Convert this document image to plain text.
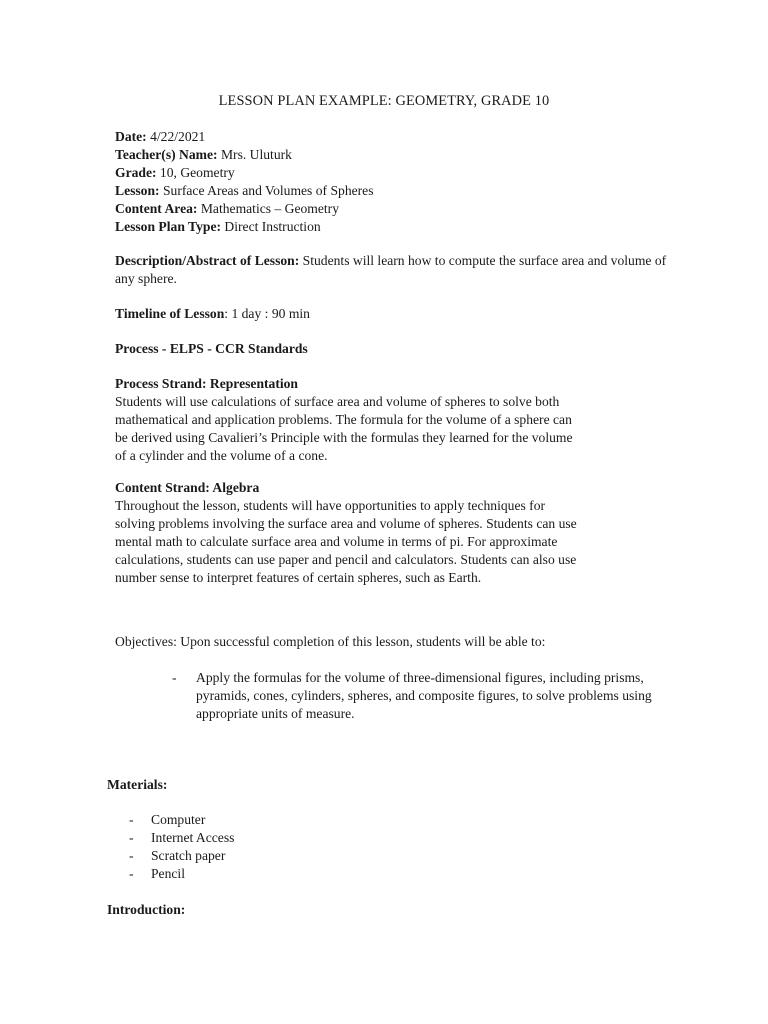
LESSON PLAN EXAMPLE: GEOMETRY, GRADE 10
Date: 4/22/2021
Teacher(s) Name: Mrs. Uluturk
Grade: 10, Geometry
Lesson: Surface Areas and Volumes of Spheres
Content Area: Mathematics – Geometry
Lesson Plan Type: Direct Instruction

Description/Abstract of Lesson: Students will learn how to compute the surface area and volume of any sphere.

Timeline of Lesson: 1 day : 90 min

Process - ELPS - CCR Standards

Process Strand: Representation

Students will use calculations of surface area and volume of spheres to solve both mathematical and application problems. The formula for the volume of a sphere can be derived using Cavalieri’s Principle with the formulas they learned for the volume of a cylinder and the volume of a cone.

Content Strand: Algebra

Throughout the lesson, students will have opportunities to apply techniques for solving problems involving the surface area and volume of spheres. Students can use mental math to calculate surface area and volume in terms of pi. For approximate calculations, students can use paper and pencil and calculators. Students can also use number sense to interpret features of certain spheres, such as Earth.

Objectives: Upon successful completion of this lesson, students will be able to:

- Apply the formulas for the volume of three-dimensional figures, including prisms, pyramids, cones, cylinders, spheres, and composite figures, to solve problems using appropriate units of measure.
Materials:
- Computer
- Internet Access
- Scratch paper
- Pencil
Introduction:
